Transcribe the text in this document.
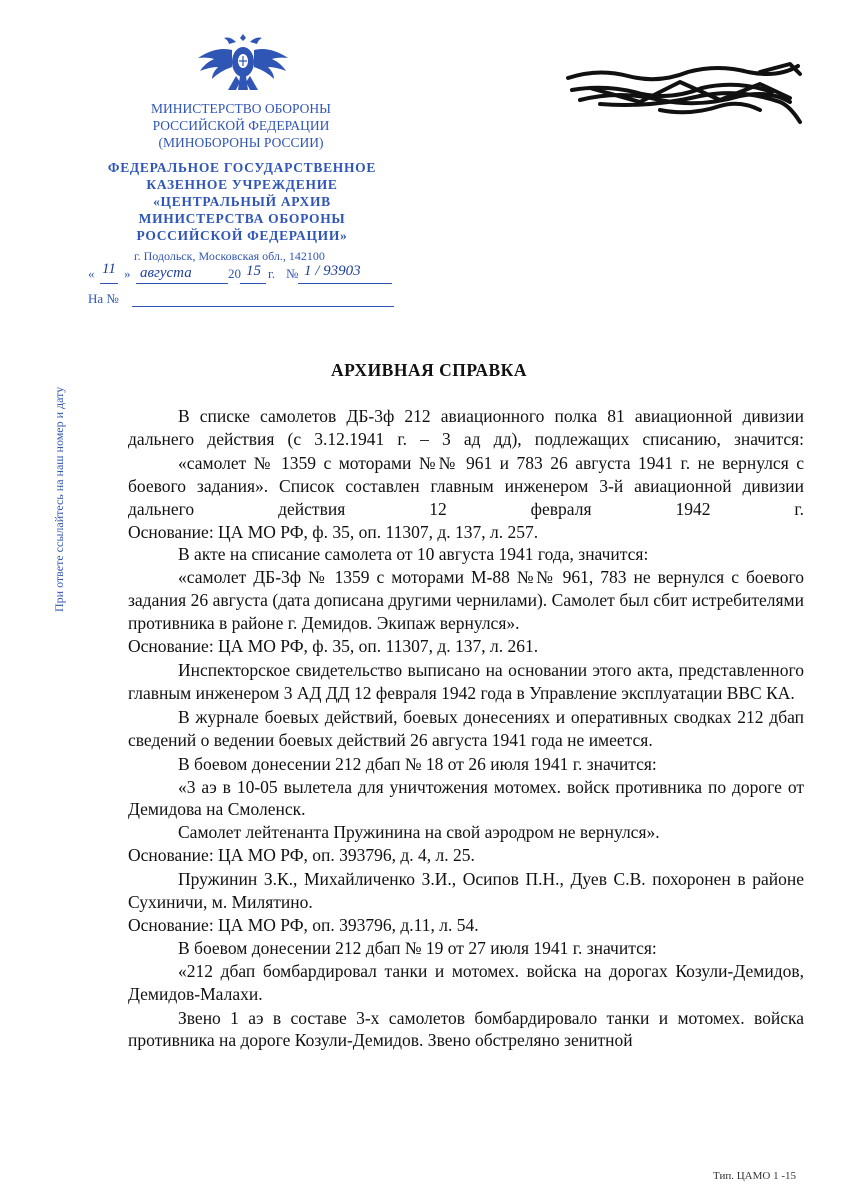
МИНИСТЕРСТВО ОБОРОНЫ
РОССИЙСКОЙ ФЕДЕРАЦИИ
(МИНОБОРОНЫ РОССИИ)
ФЕДЕРАЛЬНОЕ ГОСУДАРСТВЕННОЕ
КАЗЕННОЕ УЧРЕЖДЕНИЕ
«ЦЕНТРАЛЬНЫЙ АРХИВ
МИНИСТЕРСТВА ОБОРОНЫ
РОССИЙСКОЙ ФЕДЕРАЦИИ»
г. Подольск, Московская обл., 142100
« 11 » августа	20 15 г. № 1 / 93903
На №
При ответе ссылайтесь на наш номер и дату
АРХИВНАЯ СПРАВКА

В списке самолетов ДБ-3ф 212 авиационного полка 81 авиационной дивизии дальнего действия (с 3.12.1941 г. – 3 ад дд), подлежащих списанию, значится:

«самолет № 1359 с моторами №№ 961 и 783 26 августа 1941 г. не вернулся с боевого задания». Список составлен главным инженером 3-й авиационной дивизии дальнего действия 12 февраля 1942 г.

Основание: ЦА МО РФ, ф. 35, оп. 11307, д. 137, л. 257.

В акте на списание самолета от 10 августа 1941 года, значится:

«самолет ДБ-3ф № 1359 с моторами М-88 №№ 961, 783 не вернулся с боевого задания 26 августа (дата дописана другими чернилами). Самолет был сбит истребителями противника в районе г. Демидов. Экипаж вернулся».

Основание: ЦА МО РФ, ф. 35, оп. 11307, д. 137, л. 261.

Инспекторское свидетельство выписано на основании этого акта, представленного главным инженером 3 АД ДД 12 февраля 1942 года в Управление эксплуатации ВВС КА.

В журнале боевых действий, боевых донесениях и оперативных сводках 212 дбап сведений о ведении боевых действий 26 августа 1941 года не имеется.

В боевом донесении 212 дбап № 18 от 26 июля 1941 г. значится:

«3 аэ в 10-05 вылетела для уничтожения мотомех. войск противника по дороге от Демидова на Смоленск.

Самолет лейтенанта Пружинина на свой аэродром не вернулся».

Основание: ЦА МО РФ, оп. 393796, д. 4, л. 25.

Пружинин З.К., Михайличенко З.И., Осипов П.Н., Дуев С.В. похоронен в районе Сухиничи, м. Милятино.

Основание: ЦА МО РФ, оп. 393796, д.11, л. 54.

В боевом донесении 212 дбап № 19 от 27 июля 1941 г. значится:

«212 дбап бомбардировал танки и мотомех. войска на дорогах Козули-Демидов, Демидов-Малахи.

Звено 1 аэ в составе 3-х самолетов бомбардировало танки и мотомех. войска противника на дороге Козули-Демидов. Звено обстреляно зенитной

Тип. ЦАМО 1 -15
